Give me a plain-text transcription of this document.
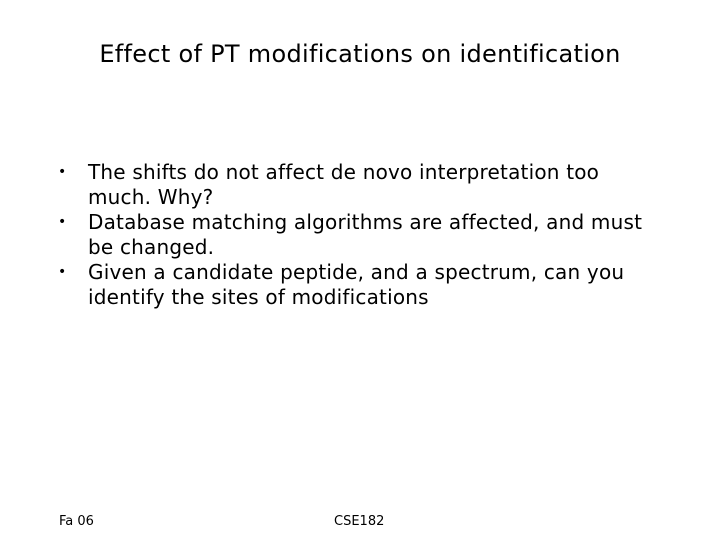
Effect of PT modifications on identification
•	The shifts do not affect de novo interpretation too much. Why?
•	Database matching algorithms are affected, and must be changed.
•	Given a candidate peptide, and a spectrum, can you identify the sites of modifications
Fa 06	CSE182
